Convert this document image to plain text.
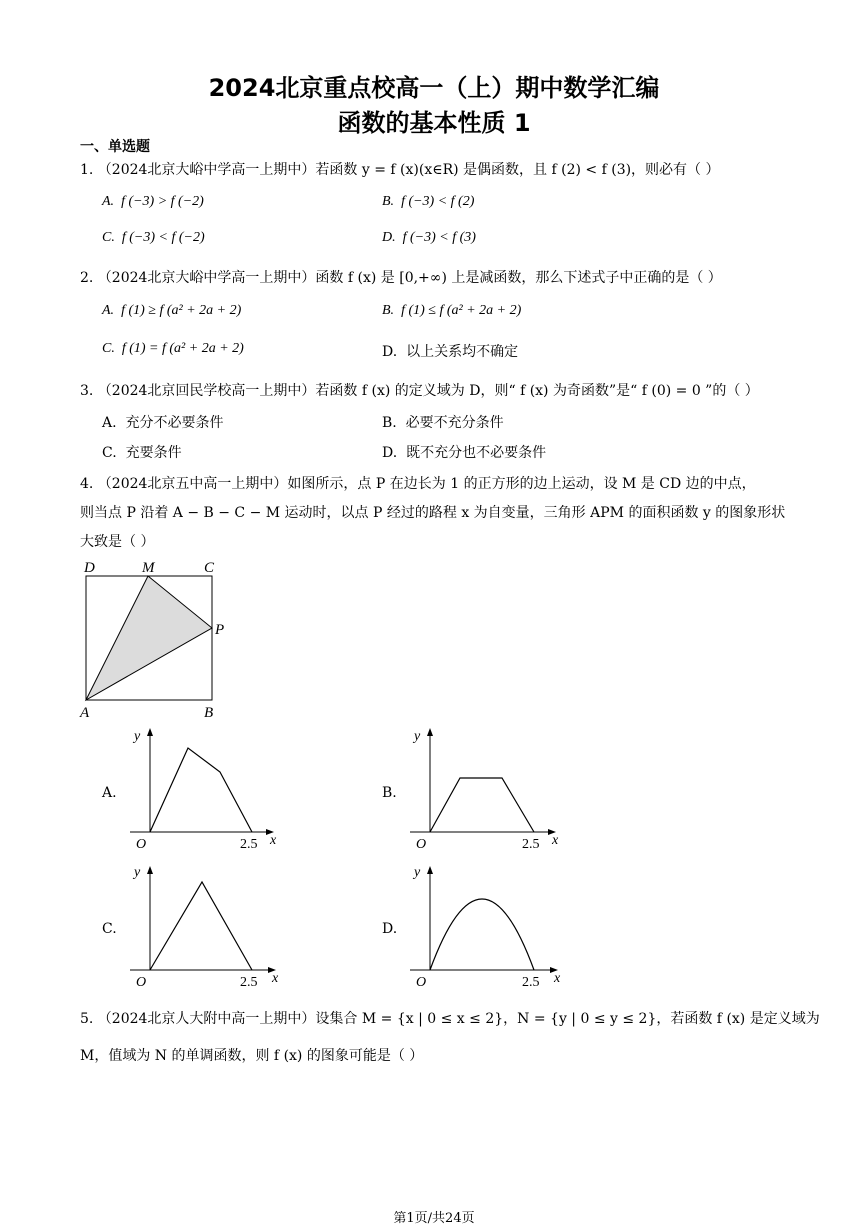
2024北京重点校高一（上）期中数学汇编
函数的基本性质 1
一、单选题
1. （2024北京大峪中学高一上期中）若函数 y = f (x)(x∈R) 是偶函数，且 f (2) < f (3)，则必有（ ）
A. f (−3) > f (−2)	B. f (−3) < f (2)
C. f (−3) < f (−2)	D. f (−3) < f (3)
2. （2024北京大峪中学高一上期中）函数 f (x) 是 [0,+∞) 上是减函数，那么下述式子中正确的是（ ）
A. f (1) ≥ f (a² + 2a + 2)	B. f (1) ≤ f (a² + 2a + 2)
C. f (1) = f (a² + 2a + 2)	D. 以上关系均不确定
3. （2024北京回民学校高一上期中）若函数 f (x) 的定义域为 D，则“ f (x) 为奇函数”是“ f (0) = 0 ”的（ ）
A. 充分不必要条件	B. 必要不充分条件
C. 充要条件	D. 既不充分也不必要条件
4. （2024北京五中高一上期中）如图所示，点 P 在边长为 1 的正方形的边上运动，设 M 是 CD 边的中点，
则当点 P 沿着 A − B − C − M 运动时，以点 P 经过的路程 x 为自变量，三角形 APM 的面积函数 y 的图象形状
大致是（ ）
D	M	C
P
A	B
A.
y
O	2.5 x
B.
y
O	2.5 x
C.
y
O	2.5 x
D.
y
O	2.5 x
5. （2024北京人大附中高一上期中）设集合 M = {x | 0 ≤ x ≤ 2}，N = {y | 0 ≤ y ≤ 2}，若函数 f (x) 是定义域为
M，值域为 N 的单调函数，则 f (x) 的图象可能是（ ）
第1页/共24页
